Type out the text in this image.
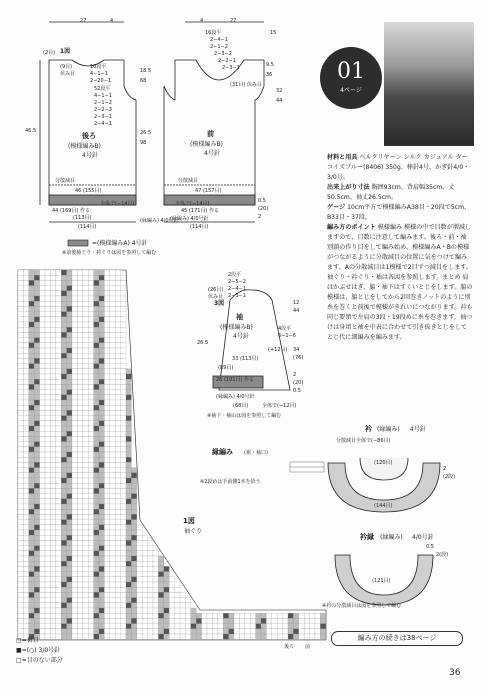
1図
27	4
(2目)
(9目)
伏み目
10段平
4−1−1
2−20−1
52段平
4−1−1
2−1−2
2−2−3
2−3−1
2−4−1
18.5
68
26.5
98
後ろ
(模様編みB)
4号針
46.5
分散減目
46 (155目)
全体で(−14目)
44 (169目) 作る
(113目)
(114目)
(縁編み) 4/0号針
4	27
15
16段平
2−4−1
2−1−2
2−3−2
2−2−1
2−3−1
(31目) 伏み目
9.5
36
32
44
前
(模様編みB)
4号針
分散減目
47 (157目)
全体で(−14目)
45 (171目) 作る
(114目)
(縁編み) 4/0号針
0.5
(20)
2
=(模様編みA) 4号針
※前後袖ぐり・衿ぐりは図を参照して編む
01
4ページ
材料と用具 ベルクリヤーン シルク カジュアル ターコイズブルー(8406) 350g、棒針4号、かぎ針4/0・3/0号。
出来上がり寸法 胸囲93cm、背肩幅35cm、丈50.5cm、袖丈26.5cm。
ゲージ 10cm平方で模様編みA38目・20段で5cm、B33目・37段。
編み方のポイント 模様編み 模様の中で目数が増減しますので、目数に注意して編みます。後ろ・前・袖 別鎖の作り目をして編み始め、模様編みA・Bの模様がつながるように分散減目の位置に気をつけて編みます。Aの分散減目は1模様で2目ずつ減目をします。袖ぐり・衿ぐり・袖は各図を参照します。まとめ 肩はかぶせはぎ、脇・袖下はすくいとじをします。脇の模様は、脇とじをしてから2回巻きノットのように別糸を巻くと前後で模様がきれいにつながります。衿も同じ要領で左肩の3段・19段めに糸を巻きます。袖つけは身頃と袖を中表に合わせて引き抜きとじをしてとじ代に細編みを編みます。
3図
袖
(模様編みB)
4号針
26.5
2段平
2−5−2
2−4−1
2−3−1
(26目)
伏み目
4段平
6−1−6
(+12目)
33 (113目)
(89目)
26 (101目) 作る
(縁編み) 4/0号針
(68目)	全体で(−12目)
12
44
34
(76)
2
(20)
0.5
※袖下・袖山は図を参照して編む
縁編み (裾・袖口)
※2段めは手前側1本を拾う
1図
袖ぐり
後ろ 前
□=裏目
■=(○) 3/0号針
□=目のない部分
衿 (縁編み) 4号針
分散減目全体で(−86目)
(120目)
(144目)
2
(2段)
衿縁 (縁編み) 4/0号針
0.5
2(段)
(121目)
※衿の分散減目は図を参照して編む
編み方の続きは38ページ
36
